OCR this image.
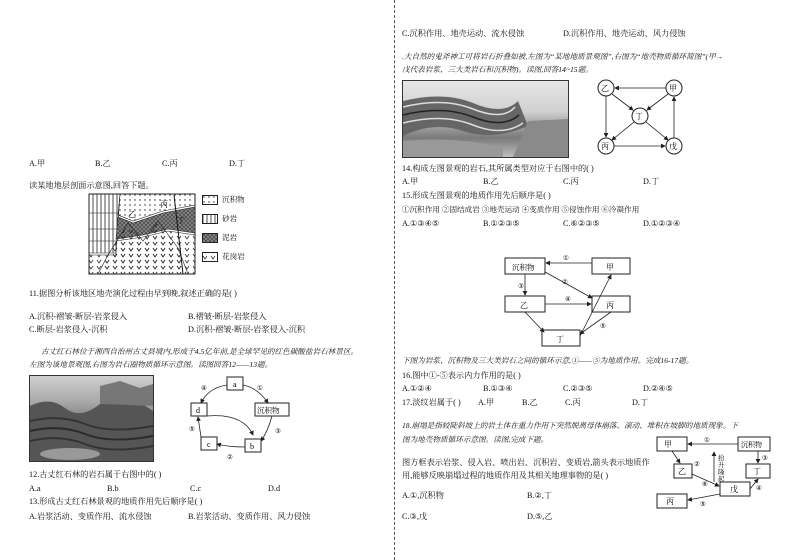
A.甲	B.乙	C.丙	D.丁
读某地地层剖面示意图,回答下题。
乙
丙
丁
沉积物
砂岩
泥岩
花岗岩
11.据图分析该地区地壳演化过程由早到晚,叙述正确的是( )
A.沉积-褶皱-断层-岩浆侵入	B.褶皱-断层-岩浆侵入
C.断层-岩浆侵入-沉积	D.沉积-褶皱-断层-岩浆侵入-沉积
古丈红石林位于湘西自治州古丈县境内,形成于4.5亿年前,是全球罕见的红色碳酸盐岩石林景区。
左图为该地景观图,右图为岩石圈物质循环示意图。读图回答12——13题。
a
d	沉积物
c	b
④	①
③
②
⑤
12.古丈红石林的岩石属于右图中的( )
A.a	B.b	C.c	D.d
13.形成古丈红石林景观的地质作用先后顺序是( )
A.岩浆活动、变质作用、流水侵蚀	B.岩浆活动、变质作用、风力侵蚀
C.沉积作用、地壳运动、流水侵蚀	D.沉积作用、地壳运动、风力侵蚀
.大自然的鬼斧神工可将岩石折叠如被,左图为“某地地质景观图”,右图为“地壳物质循环简图”(甲→
戊代表岩浆、三大类岩石和沉积物)。读图,回答14~15题。
乙	甲
丁
丙	戊
14.构成左图景观的岩石,其所属类型对应于右图中的( )
A.甲	B.乙	C.丙	D.丁
15.形成左图景观的地质作用先后顺序是( )
①沉积作用 ②固结成岩 ③地壳运动 ④变质作用 ⑤侵蚀作用 ⑥冷凝作用
A.①③④⑤	B.①②③⑤	C.⑥②③⑤	D.①②③④
沉积物	甲
乙	丙
丁
①
②
③
④
⑤
下图为岩浆、沉积物及三大类岩石之间的循环示意,①——⑤为地质作用。完成16-17题。
16.图中①-⑤表示内力作用的是( )
A.①②④	B.①③④	C.②③⑤	D.②④⑤
17.淡纹岩属于( ) A.甲	B.乙	C.丙	D.丁
18.崩塌是指较陡斜坡上的岩土体在重力作用下突然脱离母体崩落、滚动、堆积在坡脚的地质现象。下
图为地壳物质循环示意图。读图,完成下题。
图方框表示岩浆、侵入岩、喷出岩、沉积岩、变质岩,箭头表示地质作
用,能够反映崩塌过程的地质作用及其相关地理事物的是( )
A.①,沉积物	B.②,丁
C.③,戊	D.⑤,乙
甲	沉积物
乙	丁
戊
丙
抬
升
隆
起
①
②
⑥
③
④
⑤
